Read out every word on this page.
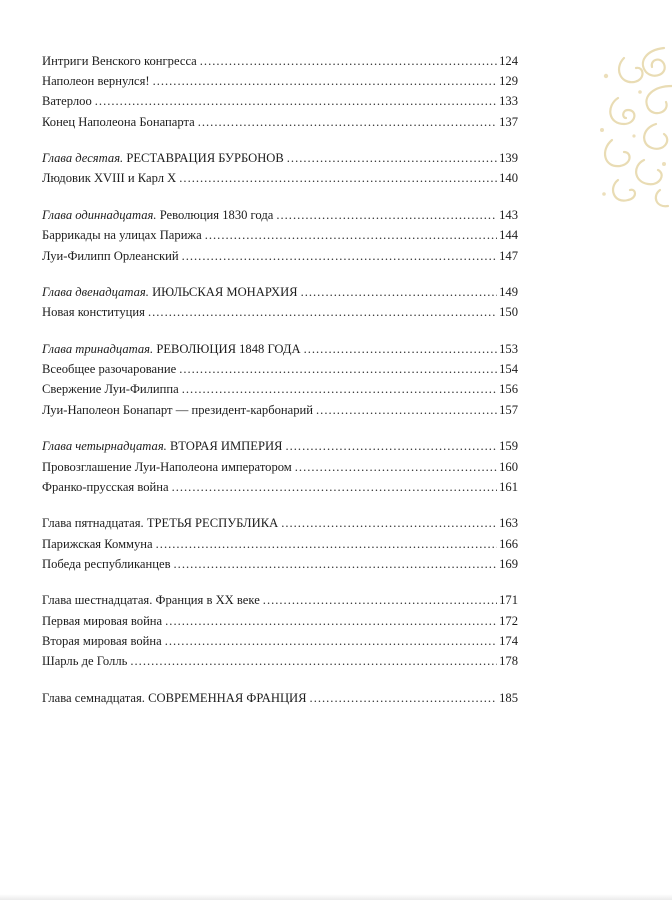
Интриги Венского конгресса .....	124
Наполеон вернулся! .....	129
Ватерлоо .....	133
Конец Наполеона Бонапарта .....	137
Глава десятая. РЕСТАВРАЦИЯ БУРБОНОВ .....	139
Людовик XVIII и Карл X .....	140
Глава одиннадцатая. Революция 1830 года .....	143
Баррикады на улицах Парижа .....	144
Луи-Филипп Орлеанский .....	147
Глава двенадцатая. ИЮЛЬСКАЯ МОНАРХИЯ .....	149
Новая конституция .....	150
Глава тринадцатая. РЕВОЛЮЦИЯ 1848 ГОДА .....	153
Всеобщее разочарование .....	154
Свержение Луи-Филиппа .....	156
Луи-Наполеон Бонапарт — президент-карбонарий .....	157
Глава четырнадцатая. ВТОРАЯ ИМПЕРИЯ .....	159
Провозглашение Луи-Наполеона императором .....	160
Франко-прусская война .....	161
Глава пятнадцатая. ТРЕТЬЯ РЕСПУБЛИКА .....	163
Парижская Коммуна .....	166
Победа республиканцев .....	169
Глава шестнадцатая. Франция в XX веке .....	171
Первая мировая война .....	172
Вторая мировая война .....	174
Шарль де Голль .....	178
Глава семнадцатая. СОВРЕМЕННАЯ ФРАНЦИЯ .....	185
